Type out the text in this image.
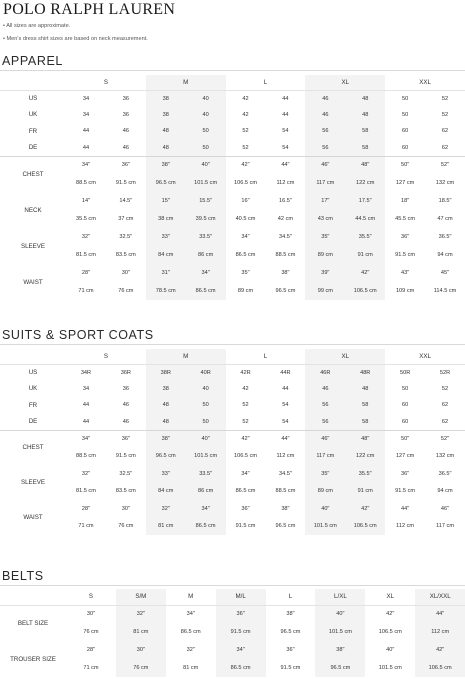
POLO RALPH LAUREN
• All sizes are approximate.
• Men's dress shirt sizes are based on neck measurement.
APPAREL
	S		M		L		XL		XXL	
US	34	36	38	40	42	44	46	48	50	52
UK	34	36	38	40	42	44	46	48	50	52
FR	44	46	48	50	52	54	56	58	60	62
DE	44	46	48	50	52	54	56	58	60	62
CHEST	34"	36"	38"	40"	42"	44"	46"	48"	50"	52"
	88.5 cm	91.5 cm	96.5 cm	101.5 cm	106.5 cm	112 cm	117 cm	122 cm	127 cm	132 cm
NECK	14"	14.5"	15"	15.5"	16"	16.5"	17"	17.5"	18"	18.5"
	35.5 cm	37 cm	38 cm	39.5 cm	40.5 cm	42 cm	43 cm	44.5 cm	45.5 cm	47 cm
SLEEVE	32"	32.5"	33"	33.5"	34"	34.5"	35"	35.5"	36"	36.5"
	81.5 cm	83.5 cm	84 cm	86 cm	86.5 cm	88.5 cm	89 cm	91 cm	91.5 cm	94 cm
WAIST	28"	30"	31"	34"	35"	38"	39"	42"	43"	45"
	71 cm	76 cm	78.5 cm	86.5 cm	89 cm	96.5 cm	99 cm	106.5 cm	109 cm	114.5 cm
SUITS & SPORT COATS
	S		M		L		XL		XXL	
US	34R	36R	38R	40R	42R	44R	46R	48R	50R	52R
UK	34	36	38	40	42	44	46	48	50	52
FR	44	46	48	50	52	54	56	58	60	62
DE	44	46	48	50	52	54	56	58	60	62
CHEST	34"	36"	38"	40"	42"	44"	46"	48"	50"	52"
	88.5 cm	91.5 cm	96.5 cm	101.5 cm	106.5 cm	112 cm	117 cm	122 cm	127 cm	132 cm
SLEEVE	32"	32.5"	33"	33.5"	34"	34.5"	35"	35.5"	36"	36.5"
	81.5 cm	83.5 cm	84 cm	86 cm	86.5 cm	88.5 cm	89 cm	91 cm	91.5 cm	94 cm
WAIST	28"	30"	32"	34"	36"	38"	40"	42"	44"	46"
	71 cm	76 cm	81 cm	86.5 cm	91.5 cm	96.5 cm	101.5 cm	106.5 cm	112 cm	117 cm
BELTS
	S	S/M	M	M/L	L	L/XL	XL	XL/XXL
BELT SIZE	30"	32"	34"	36"	38"	40"	42"	44"
	76 cm	81 cm	86.5 cm	91.5 cm	96.5 cm	101.5 cm	106.5 cm	112 cm
TROUSER SIZE	28"	30"	32"	34"	36"	38"	40"	42"
	71 cm	76 cm	81 cm	86.5 cm	91.5 cm	96.5 cm	101.5 cm	106.5 cm
